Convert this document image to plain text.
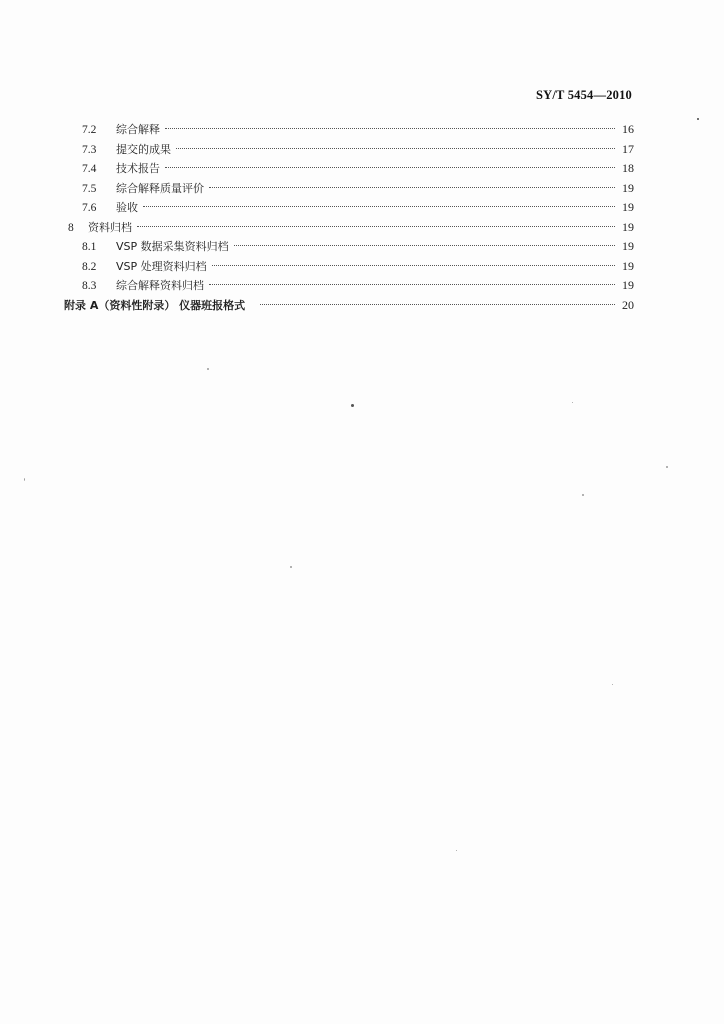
SY/T 5454—2010
7.2	综合解释	16
7.3	提交的成果	17
7.4	技术报告	18
7.5	综合解释质量评价	19
7.6	验收	19
8	资料归档	19
8.1	VSP 数据采集资料归档	19
8.2	VSP 处理资料归档	19
8.3	综合解释资料归档	19
附录 A（资料性附录） 仪器班报格式	20
